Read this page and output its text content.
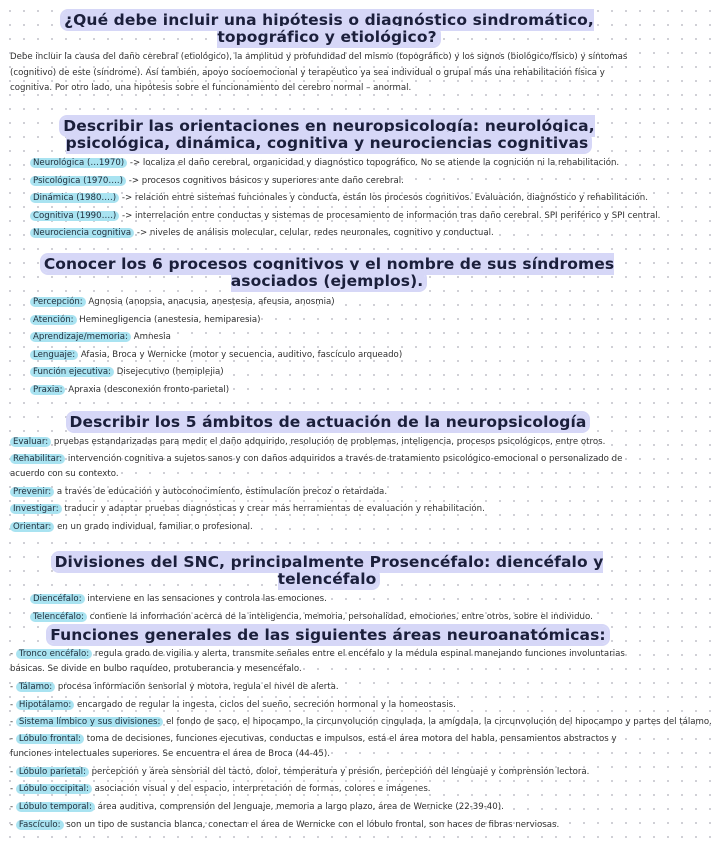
¿Qué debe incluir una hipótesis o diagnóstico sindromático, topográfico y etiológico?

Debe incluir la causa del daño cerebral (etiológico), la amplitud y profundidad del mismo (topográfico) y los signos (biológico/físico) y síntomas (cognitivo) de este (síndrome). Así también, apoyo socioemocional y terapéutico ya sea individual o grupal más una rehabilitación física y cognitiva. Por otro lado, una hipótesis sobre el funcionamiento del cerebro normal – anormal.

Describir las orientaciones en neuropsicología: neurológica, psicológica, dinámica, cognitiva y neurociencias cognitivas

Neurológica (…1970) -> localiza el daño cerebral, organicidad y diagnóstico topográfico. No se atiende la cognición ni la rehabilitación.

Psicológica (1970….) -> procesos cognitivos básicos y superiores ante daño cerebral.

Dinámica (1980….) -> relación entre sistemas funcionales y conducta, están los procesos cognitivos. Evaluación, diagnóstico y rehabilitación.

Cognitiva (1990….) -> interrelación entre conductas y sistemas de procesamiento de información tras daño cerebral. SPI periférico y SPI central.

Neurociencia cognitiva -> niveles de análisis molecular, celular, redes neuronales, cognitivo y conductual.

Conocer los 6 procesos cognitivos y el nombre de sus síndromes asociados (ejemplos).

Percepción: Agnosia (anopsia, anacusia, anestesia, afeusia, anosmia)

Atención: Heminegligencia (anestesia, hemiparesia)

Aprendizaje/memoria: Amnesia

Lenguaje: Afasia, Broca y Wernicke (motor y secuencia, auditivo, fascículo arqueado)

Función ejecutiva: Disejecutivo (hemiplejia)

Praxia: Apraxia (desconexión fronto-parietal)

Describir los 5 ámbitos de actuación de la neuropsicología

Evaluar: pruebas estandarizadas para medir el daño adquirido, resolución de problemas, inteligencia, procesos psicológicos, entre otros.

Rehabilitar: intervención cognitiva a sujetos sanos y con daños adquiridos a través de tratamiento psicológico-emocional o personalizado de acuerdo con su contexto.

Prevenir: a través de educación y autoconocimiento, estimulación precoz o retardada.

Investigar: traducir y adaptar pruebas diagnósticas y crear más herramientas de evaluación y rehabilitación.

Orientar: en un grado individual, familiar o profesional.

Divisiones del SNC, principalmente Prosencéfalo: diencéfalo y telencéfalo

Diencéfalo: interviene en las sensaciones y controla las emociones.

Telencéfalo: contiene la información acerca de la inteligencia, memoria, personalidad, emociones, entre otros, sobre el individuo.

Funciones generales de las siguientes áreas neuroanatómicas:

- Tronco encéfalo: regula grado de vigilia y alerta, transmite señales entre el encéfalo y la médula espinal manejando funciones involuntarias básicas. Se divide en bulbo raquídeo, protuberancia y mesencéfalo.

- Tálamo: procesa información sensorial y motora, regula el nivel de alerta.

- Hipotálamo: encargado de regular la ingesta, ciclos del sueño, secreción hormonal y la homeostasis.

- Sistema límbico y sus divisiones: el fondo de saco, el hipocampo, la circunvolución cingulada, la amígdala, la circunvolución del hipocampo y partes del tálamo.

- Lóbulo frontal: toma de decisiones, funciones ejecutivas, conductas e impulsos, está el área motora del habla, pensamientos abstractos y funciones intelectuales superiores. Se encuentra el área de Broca (44-45).

- Lóbulo parietal: percepción y área sensorial del tacto, dolor, temperatura y presión, percepción del lenguaje y comprensión lectora.

- Lóbulo occipital: asociación visual y del espacio, interpretación de formas, colores e imágenes.

- Lóbulo temporal: área auditiva, comprensión del lenguaje, memoria a largo plazo, área de Wernicke (22-39-40).

- Fascículo: son un tipo de sustancia blanca, conectan el área de Wernicke con el lóbulo frontal, son haces de fibras nerviosas.
